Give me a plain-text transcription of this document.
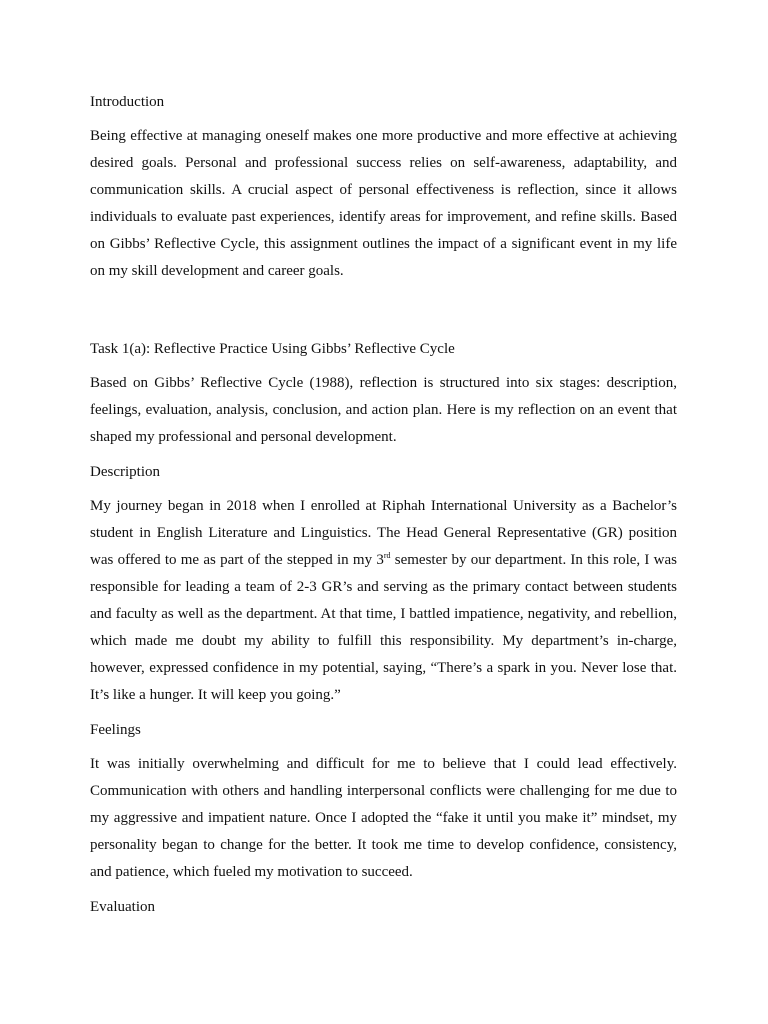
Introduction

Being effective at managing oneself makes one more productive and more effective at achieving desired goals. Personal and professional success relies on self-awareness, adaptability, and communication skills. A crucial aspect of personal effectiveness is reflection, since it allows individuals to evaluate past experiences, identify areas for improvement, and refine skills. Based on Gibbs’ Reflective Cycle, this assignment outlines the impact of a significant event in my life on my skill development and career goals.

Task 1(a): Reflective Practice Using Gibbs’ Reflective Cycle

Based on Gibbs’ Reflective Cycle (1988), reflection is structured into six stages: description, feelings, evaluation, analysis, conclusion, and action plan. Here is my reflection on an event that shaped my professional and personal development.

Description

My journey began in 2018 when I enrolled at Riphah International University as a Bachelor’s student in English Literature and Linguistics. The Head General Representative (GR) position was offered to me as part of the stepped in my 3rd semester by our department. In this role, I was responsible for leading a team of 2-3 GR’s and serving as the primary contact between students and faculty as well as the department. At that time, I battled impatience, negativity, and rebellion, which made me doubt my ability to fulfill this responsibility. My department’s in-charge, however, expressed confidence in my potential, saying, “There’s a spark in you. Never lose that. It’s like a hunger. It will keep you going.”

Feelings

It was initially overwhelming and difficult for me to believe that I could lead effectively. Communication with others and handling interpersonal conflicts were challenging for me due to my aggressive and impatient nature. Once I adopted the “fake it until you make it” mindset, my personality began to change for the better. It took me time to develop confidence, consistency, and patience, which fueled my motivation to succeed.

Evaluation
